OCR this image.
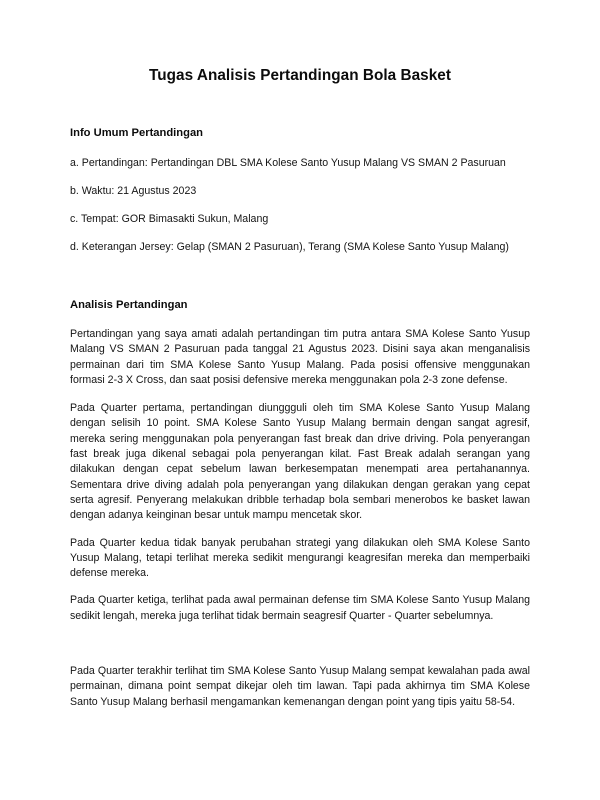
Tugas Analisis Pertandingan Bola Basket
Info Umum Pertandingan

a. Pertandingan: Pertandingan DBL SMA Kolese Santo Yusup Malang VS SMAN 2 Pasuruan

b. Waktu: 21 Agustus 2023

c. Tempat: GOR Bimasakti Sukun, Malang

d. Keterangan Jersey: Gelap (SMAN 2 Pasuruan), Terang (SMA Kolese Santo Yusup Malang)

Analisis Pertandingan

Pertandingan yang saya amati adalah pertandingan tim putra antara SMA Kolese Santo Yusup Malang VS SMAN 2 Pasuruan pada tanggal 21 Agustus 2023. Disini saya akan menganalisis permainan dari tim SMA Kolese Santo Yusup Malang. Pada posisi offensive menggunakan formasi 2-3 X Cross, dan saat posisi defensive mereka menggunakan pola 2-3 zone defense.

Pada Quarter pertama, pertandingan diunggguli oleh tim SMA Kolese Santo Yusup Malang dengan selisih 10 point. SMA Kolese Santo Yusup Malang bermain dengan sangat agresif, mereka sering menggunakan pola penyerangan fast break dan drive driving. Pola penyerangan fast break juga dikenal sebagai pola penyerangan kilat. Fast Break adalah serangan yang dilakukan dengan cepat sebelum lawan berkesempatan menempati area pertahanannya. Sementara drive diving adalah pola penyerangan yang dilakukan dengan gerakan yang cepat serta agresif. Penyerang melakukan dribble terhadap bola sembari menerobos ke basket lawan dengan adanya keinginan besar untuk mampu mencetak skor.

Pada Quarter kedua tidak banyak perubahan strategi yang dilakukan oleh SMA Kolese Santo Yusup Malang, tetapi terlihat mereka sedikit mengurangi keagresifan mereka dan memperbaiki defense mereka.

Pada Quarter ketiga, terlihat pada awal permainan defense tim SMA Kolese Santo Yusup Malang sedikit lengah, mereka juga terlihat tidak bermain seagresif Quarter - Quarter sebelumnya.

Pada Quarter terakhir terlihat tim SMA Kolese Santo Yusup Malang sempat kewalahan pada awal permainan, dimana point sempat dikejar oleh tim lawan. Tapi pada akhirnya tim SMA Kolese Santo Yusup Malang berhasil mengamankan kemenangan dengan point yang tipis yaitu 58-54.
